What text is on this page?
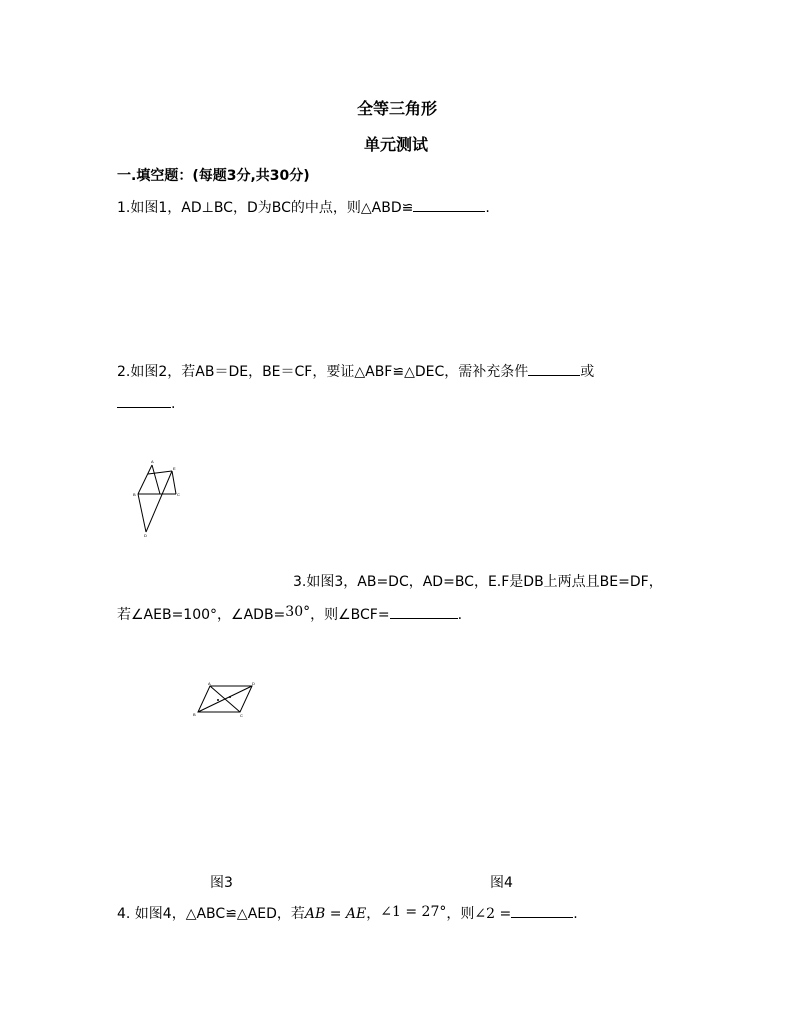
全等三角形
单元测试
一.填空题：(每题3分,共30分)
1.如图1，AD⊥BC，D为BC的中点，则△ABD≌	.
2.如图2，若AB＝DE，BE＝CF，要证△ABF≌△DEC，需补充条件	或
.
A
E
B	C
D
3.如图3，AB=DC，AD=BC，E.F是DB上两点且BE=DF，
若∠AEB=100°，∠ADB=30°，则∠BCF=	.
A	D
B	C
图3	图4
4. 如图4，△ABC≌△AED，若AB = AE，∠1 = 27°，则∠2 =	.
